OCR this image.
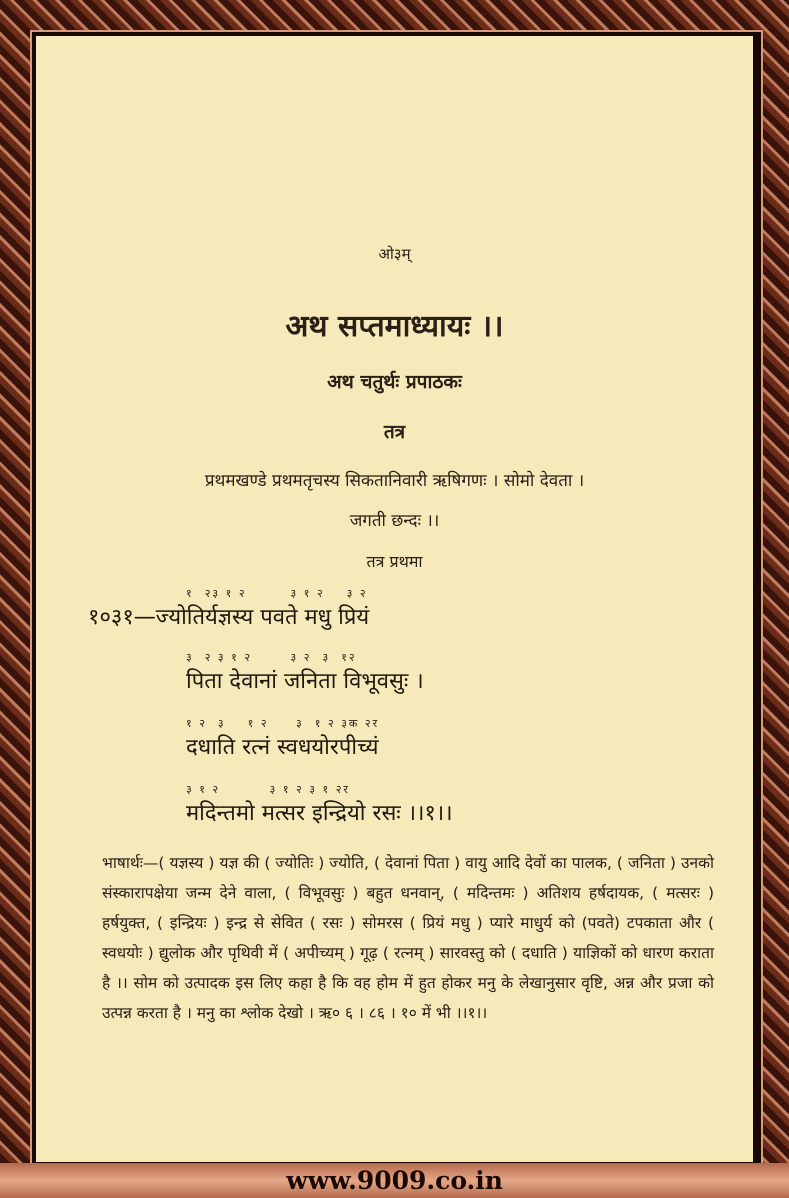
ओ३म्
अथ सप्तमाध्यायः ।।
अथ चतुर्थः प्रपाठकः
तत्र
प्रथमखण्डे प्रथमतृचस्य सिकतानिवारी ऋषिगणः । सोमो देवता ।
जगती छन्दः ।।
तत्र प्रथमा
१  २३ १ २        ३ १ २    ३ २
१०३१—ज्योतिर्यज्ञस्य पवते मधु प्रियं
३  २ ३ १ २       ३ २  ३  १२
पिता देवानां जनिता विभूवसुः ।
१ २  ३    १ २     ३  १ २ ३क २र
दधाति रत्नं स्वधयोरपीच्यं
३ १ २         ३ १ २ ३ १ २र
मदिन्तमो मत्सर इन्द्रियो रसः ।।१।।
भाषार्थः—( यज्ञस्य ) यज्ञ की ( ज्योतिः ) ज्योति, ( देवानां पिता ) वायु आदि देवों का पालक, ( जनिता ) उनको संस्कारापक्षेया जन्म देने वाला, ( विभूवसुः ) बहुत धनवान्, ( मदिन्तमः ) अतिशय हर्षदायक, ( मत्सरः ) हर्षयुक्त, ( इन्द्रियः ) इन्द्र से सेवित ( रसः ) सोमरस ( प्रियं मधु ) प्यारे माधुर्य को (पवते) टपकाता और ( स्वधयोः ) द्युलोक और पृथिवी में ( अपीच्यम् ) गूढ़ ( रत्नम् ) सारवस्तु को ( दधाति ) याज्ञिकों को धारण कराता है ।। सोम को उत्पादक इस लिए कहा है कि वह होम में हुत होकर मनु के लेखानुसार वृष्टि, अन्न और प्रजा को उत्पन्न करता है । मनु का श्लोक देखो । ऋ० ६ । ८६ । १० में भी ।।१।।
www.9009.co.in
